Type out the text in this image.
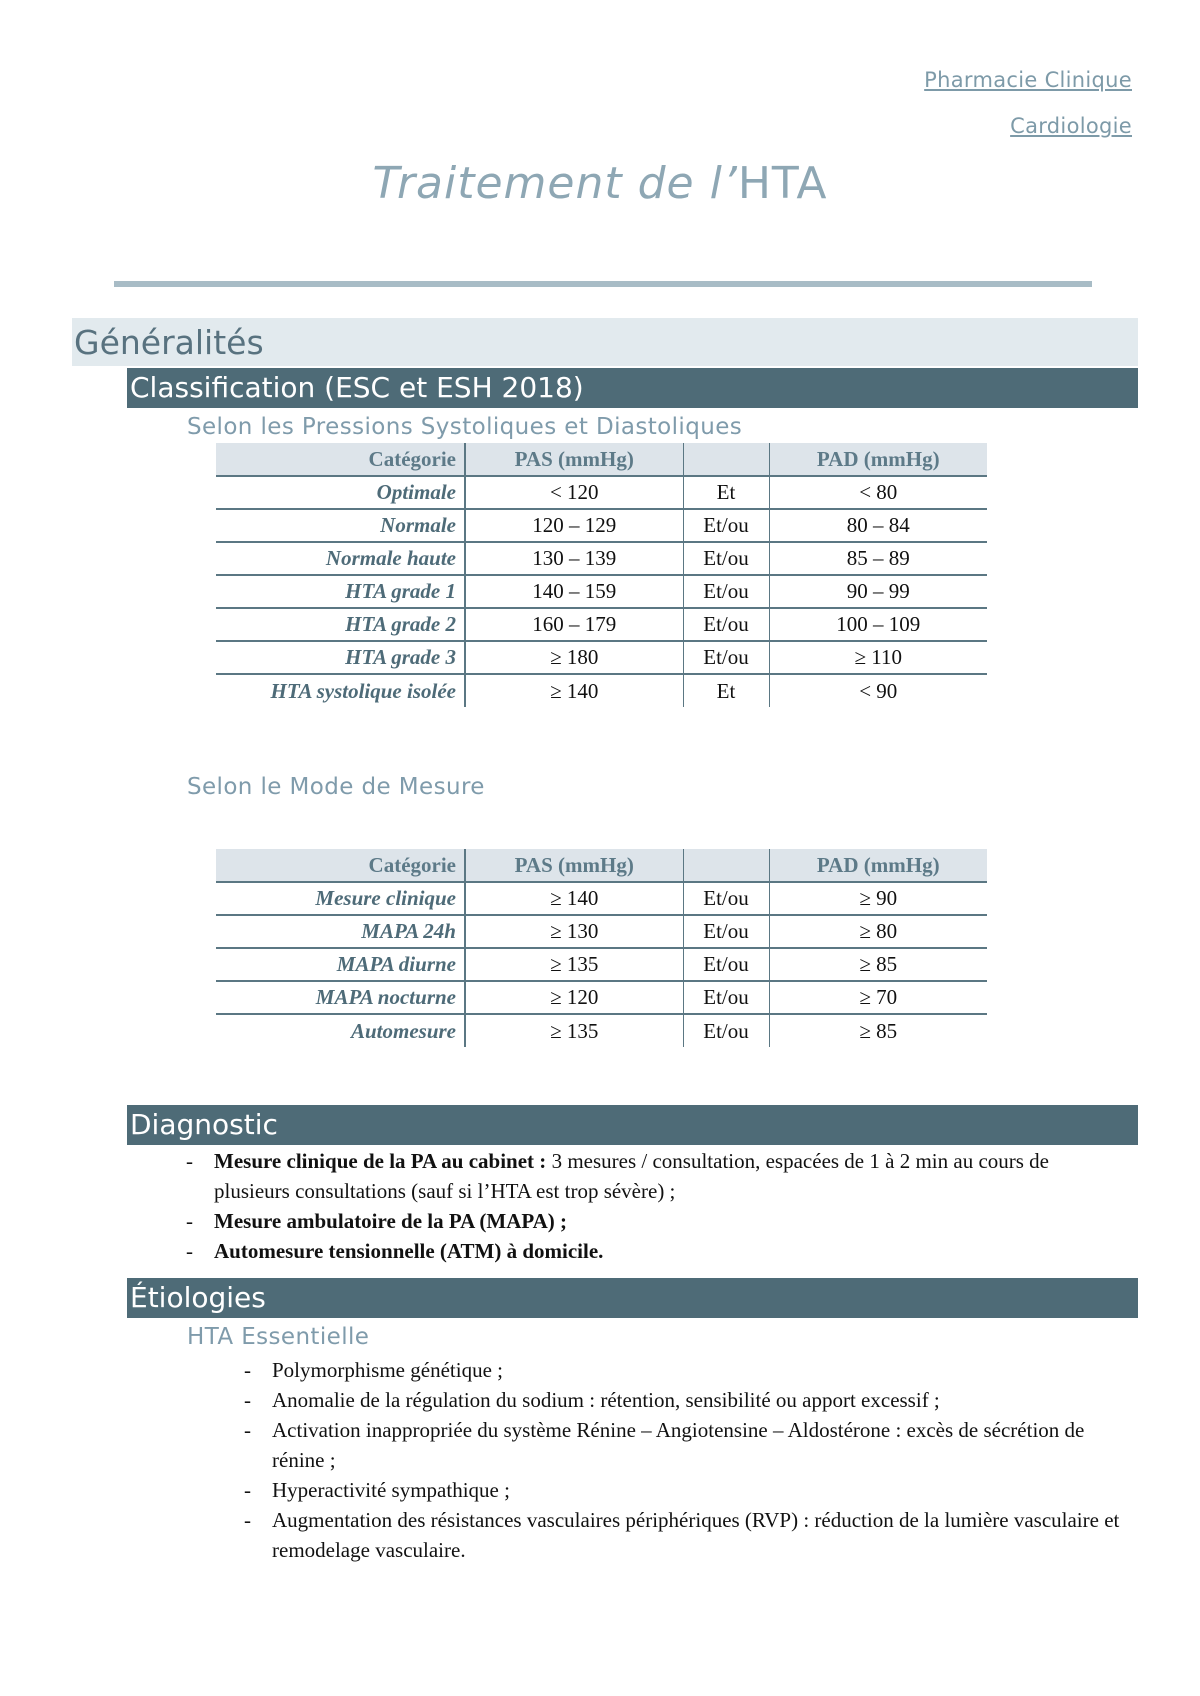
Pharmacie Clinique
Cardiologie
Traitement de l’HTA
Généralités
Classification (ESC et ESH 2018)
Selon les Pressions Systoliques et Diastoliques
Catégorie	PAS (mmHg)		PAD (mmHg)
Optimale	< 120	Et	< 80
Normale	120 – 129	Et/ou	80 – 84
Normale haute	130 – 139	Et/ou	85 – 89
HTA grade 1	140 – 159	Et/ou	90 – 99
HTA grade 2	160 – 179	Et/ou	100 – 109
HTA grade 3	≥ 180	Et/ou	≥ 110
HTA systolique isolée	≥ 140	Et	< 90
Selon le Mode de Mesure
Catégorie	PAS (mmHg)		PAD (mmHg)
Mesure clinique	≥ 140	Et/ou	≥ 90
MAPA 24h	≥ 130	Et/ou	≥ 80
MAPA diurne	≥ 135	Et/ou	≥ 85
MAPA nocturne	≥ 120	Et/ou	≥ 70
Automesure	≥ 135	Et/ou	≥ 85
Diagnostic
- Mesure clinique de la PA au cabinet : 3 mesures / consultation, espacées de 1 à 2 min au cours de plusieurs consultations (sauf si l’HTA est trop sévère) ;
- Mesure ambulatoire de la PA (MAPA) ;
- Automesure tensionnelle (ATM) à domicile.
Étiologies
HTA Essentielle
- Polymorphisme génétique ;
- Anomalie de la régulation du sodium : rétention, sensibilité ou apport excessif ;
- Activation inappropriée du système Rénine – Angiotensine – Aldostérone : excès de sécrétion de rénine ;
- Hyperactivité sympathique ;
- Augmentation des résistances vasculaires périphériques (RVP) : réduction de la lumière vasculaire et remodelage vasculaire.
